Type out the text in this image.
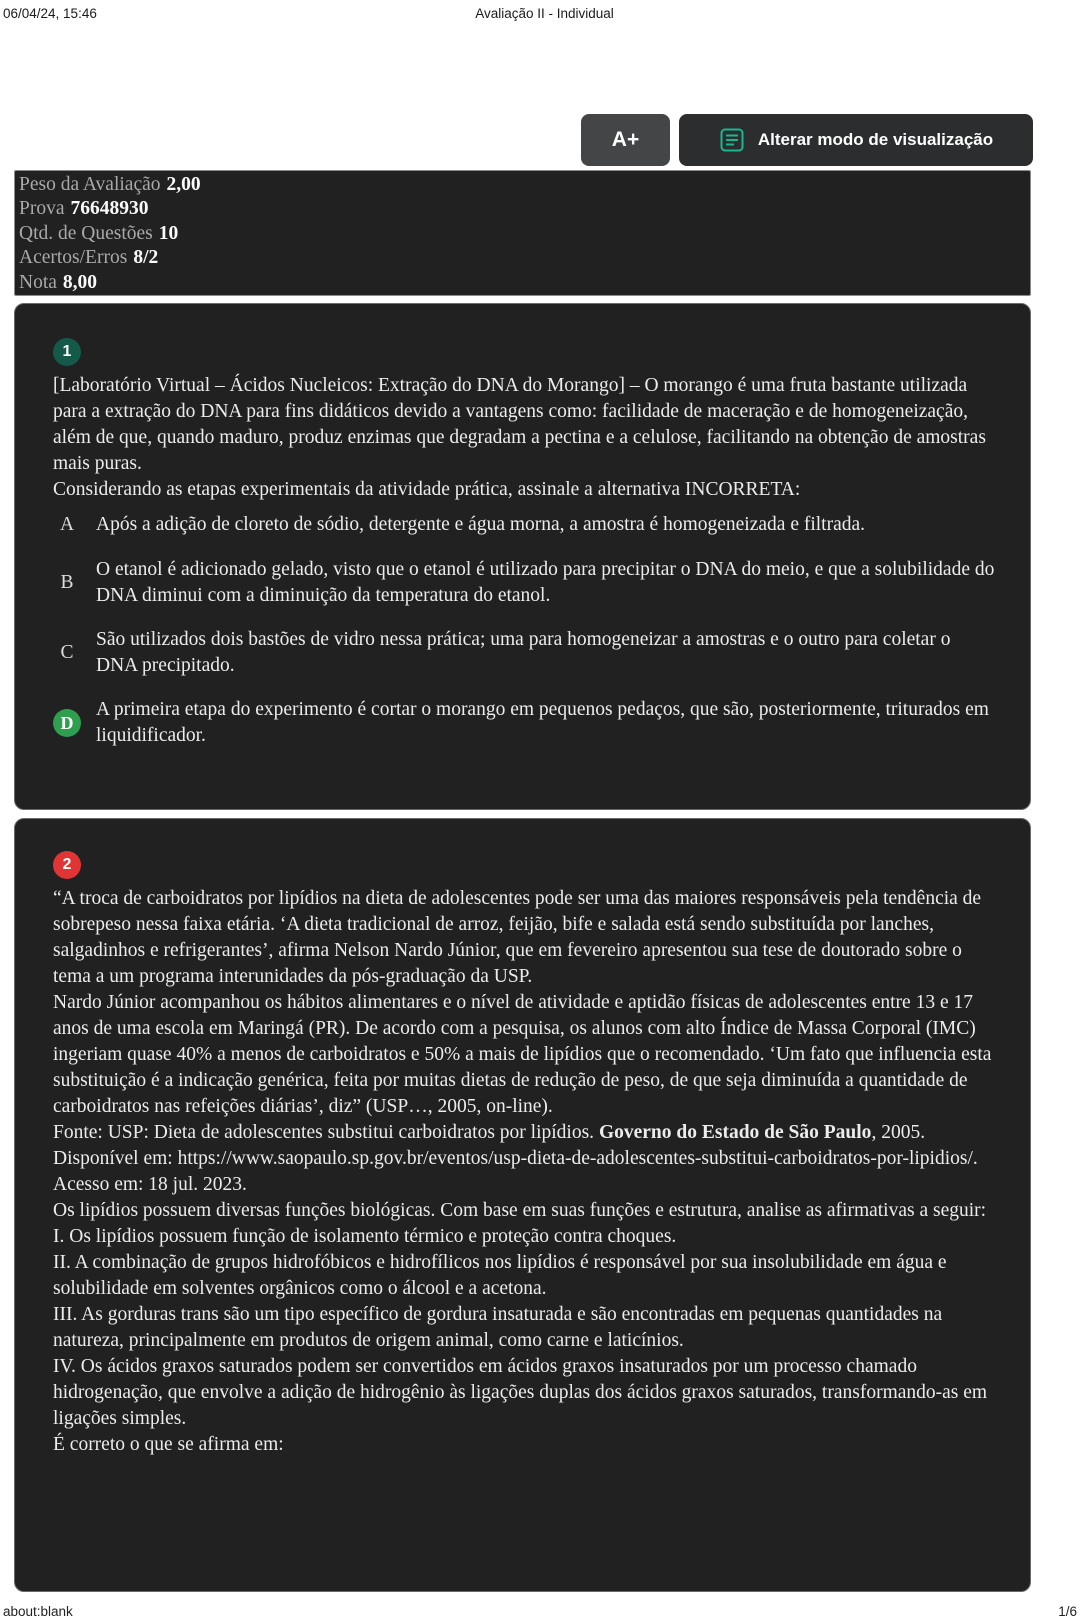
06/04/24, 15:46	Avaliação II - Individual
A+	Alterar modo de visualização
Peso da Avaliação 2,00
Prova 76648930
Qtd. de Questões 10
Acertos/Erros 8/2
Nota 8,00
1

[Laboratório Virtual – Ácidos Nucleicos: Extração do DNA do Morango] – O morango é uma fruta bastante utilizada para a extração do DNA para fins didáticos devido a vantagens como: facilidade de maceração e de homogeneização, além de que, quando maduro, produz enzimas que degradam a pectina e a celulose, facilitando na obtenção de amostras mais puras.

Considerando as etapas experimentais da atividade prática, assinale a alternativa INCORRETA:

A	Após a adição de cloreto de sódio, detergente e água morna, a amostra é homogeneizada e filtrada.
B
O etanol é adicionado gelado, visto que o etanol é utilizado para precipitar o DNA do meio, e que a solubilidade do DNA diminui com a diminuição da temperatura do etanol.
C
São utilizados dois bastões de vidro nessa prática; uma para homogeneizar a amostras e o outro para coletar o DNA precipitado.
D
A primeira etapa do experimento é cortar o morango em pequenos pedaços, que são, posteriormente, triturados em liquidificador.
2

“A troca de carboidratos por lipídios na dieta de adolescentes pode ser uma das maiores responsáveis pela tendência de sobrepeso nessa faixa etária. ‘A dieta tradicional de arroz, feijão, bife e salada está sendo substituída por lanches, salgadinhos e refrigerantes’, afirma Nelson Nardo Júnior, que em fevereiro apresentou sua tese de doutorado sobre o tema a um programa interunidades da pós-graduação da USP.

Nardo Júnior acompanhou os hábitos alimentares e o nível de atividade e aptidão físicas de adolescentes entre 13 e 17 anos de uma escola em Maringá (PR). De acordo com a pesquisa, os alunos com alto Índice de Massa Corporal (IMC) ingeriam quase 40% a menos de carboidratos e 50% a mais de lipídios que o recomendado. ‘Um fato que influencia esta substituição é a indicação genérica, feita por muitas dietas de redução de peso, de que seja diminuída a quantidade de carboidratos nas refeições diárias’, diz” (USP…, 2005, on-line).

Fonte: USP: Dieta de adolescentes substitui carboidratos por lipídios. Governo do Estado de São Paulo, 2005. Disponível em: https://www.saopaulo.sp.gov.br/eventos/usp-dieta-de-adolescentes-substitui-carboidratos-por-lipidios/. Acesso em: 18 jul. 2023.

Os lipídios possuem diversas funções biológicas. Com base em suas funções e estrutura, analise as afirmativas a seguir:

I. Os lipídios possuem função de isolamento térmico e proteção contra choques.

II. A combinação de grupos hidrofóbicos e hidrofílicos nos lipídios é responsável por sua insolubilidade em água e solubilidade em solventes orgânicos como o álcool e a acetona.

III. As gorduras trans são um tipo específico de gordura insaturada e são encontradas em pequenas quantidades na natureza, principalmente em produtos de origem animal, como carne e laticínios.

IV. Os ácidos graxos saturados podem ser convertidos em ácidos graxos insaturados por um processo chamado hidrogenação, que envolve a adição de hidrogênio às ligações duplas dos ácidos graxos saturados, transformando-as em ligações simples.

É correto o que se afirma em:

about:blank	1/6
